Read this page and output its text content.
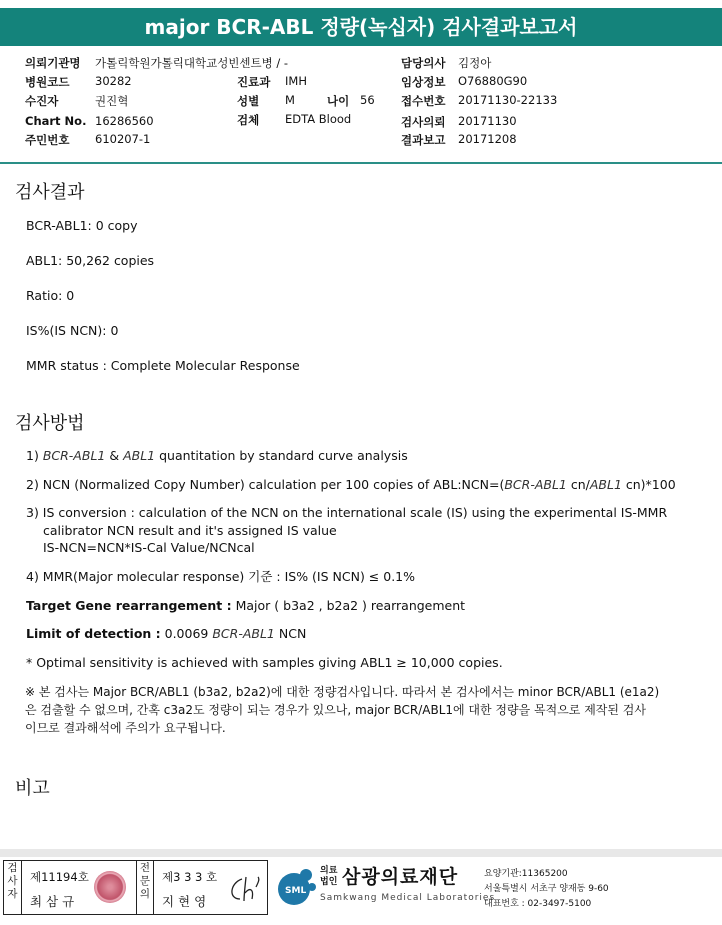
major BCR-ABL 정량(녹십자) 검사결과보고서
의뢰기관명 가톨릭학원가톨릭대학교성빈센트병 / -	담당의사 김정아
병원코드 30282	진료과 IMH	임상정보 O76880G90
수진자	권진혁	성별 M	나이 56 접수번호 20171130-22133
Chart No. 16286560	검체 EDTA Blood	검사의뢰 20171130
주민번호 610207-1	결과보고 20171208
검사결과
BCR-ABL1: 0 copy
ABL1: 50,262 copies
Ratio: 0
IS%(IS NCN): 0
MMR status : Complete Molecular Response
검사방법
1) BCR-ABL1 & ABL1 quantitation by standard curve analysis
2) NCN (Normalized Copy Number) calculation per 100 copies of ABL:NCN=(BCR-ABL1 cn/ABL1 cn)*100
3) IS conversion : calculation of the NCN on the international scale (IS) using the experimental IS-MMR
calibrator NCN result and it's assigned IS value
IS-NCN=NCN*IS-Cal Value/NCNcal
4) MMR(Major molecular response) 기준 : IS% (IS NCN) ≤ 0.1%
Target Gene rearrangement : Major ( b3a2 , b2a2 ) rearrangement
Limit of detection : 0.0069 BCR-ABL1 NCN
* Optimal sensitivity is achieved with samples giving ABL1 ≥ 10,000 copies.
※ 본 검사는 Major BCR/ABL1 (b3a2, b2a2)에 대한 정량검사입니다. 따라서 본 검사에서는 minor BCR/ABL1 (e1a2)
은 검출할 수 없으며, 간혹 c3a2도 정량이 되는 경우가 있으나, major BCR/ABL1에 대한 정량을 목적으로 제작된 검사
이므로 결과해석에 주의가 요구됩니다.
비고
검사자
제11194호
최 삼 규
전문의
제3 3 3 호
지 현 영
SML
의료
법인 삼광의료재단
Samkwang Medical Laboratories
요양기관:11365200
서울특별시 서초구 양재동 9-60
대표번호 : 02-3497-5100
